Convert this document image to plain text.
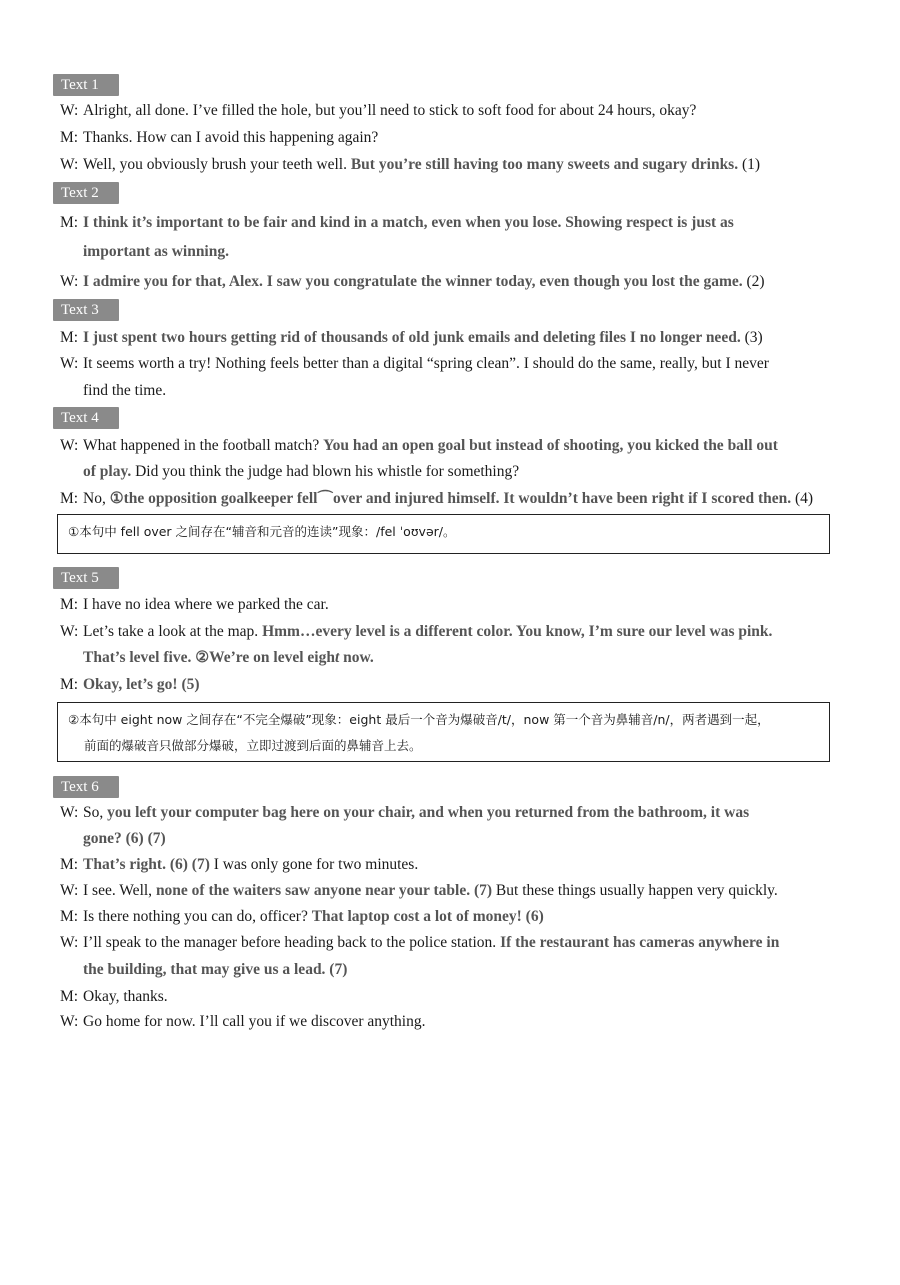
Text 1
W: Alright, all done. I’ve filled the hole, but you’ll need to stick to soft food for about 24 hours, okay?
M: Thanks. How can I avoid this happening again?
W: Well, you obviously brush your teeth well. But you’re still having too many sweets and sugary drinks. (1)
Text 2
M: I think it’s important to be fair and kind in a match, even when you lose. Showing respect is just as
important as winning.
W: I admire you for that, Alex. I saw you congratulate the winner today, even though you lost the game. (2)
Text 3
M: I just spent two hours getting rid of thousands of old junk emails and deleting files I no longer need. (3)
W: It seems worth a try! Nothing feels better than a digital “spring clean”. I should do the same, really, but I never
find the time.
Text 4
W: What happened in the football match? You had an open goal but instead of shooting, you kicked the ball out
of play. Did you think the judge had blown his whistle for something?
M: No, ①the opposition goalkeeper fell⌒over and injured himself. It wouldn’t have been right if I scored then. (4)
①本句中 fell over 之间存在“辅音和元音的连读”现象：/fel ˈoʊvər/。
Text 5
M: I have no idea where we parked the car.
W: Let’s take a look at the map. Hmm…every level is a different color. You know, I’m sure our level was pink.
That’s level five. ②We’re on level eight now.
M: Okay, let’s go! (5)
②本句中 eight now 之间存在“不完全爆破”现象：eight 最后一个音为爆破音/t/，now 第一个音为鼻辅音/n/，两者遇到一起，
前面的爆破音只做部分爆破，立即过渡到后面的鼻辅音上去。
Text 6
W: So, you left your computer bag here on your chair, and when you returned from the bathroom, it was
gone? (6) (7)
M: That’s right. (6) (7) I was only gone for two minutes.
W: I see. Well, none of the waiters saw anyone near your table. (7) But these things usually happen very quickly.
M: Is there nothing you can do, officer? That laptop cost a lot of money! (6)
W: I’ll speak to the manager before heading back to the police station. If the restaurant has cameras anywhere in
the building, that may give us a lead. (7)
M: Okay, thanks.
W: Go home for now. I’ll call you if we discover anything.
